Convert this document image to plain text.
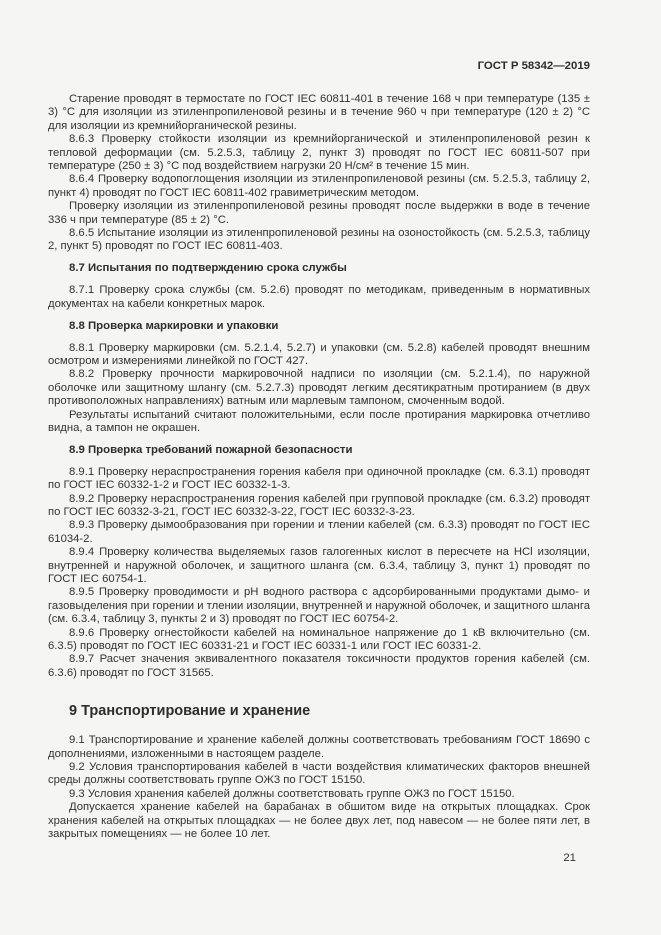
ГОСТ Р 58342—2019

Старение проводят в термостате по ГОСТ IEC 60811-401 в течение 168 ч при температуре (135 ± 3) °С для изоляции из этиленпропиленовой резины и в течение 960 ч при температуре (120 ± 2) °С для изоляции из кремнийорганической резины.

8.6.3 Проверку стойкости изоляции из кремнийорганической и этиленпропиленовой резин к тепловой деформации (см. 5.2.5.3, таблицу 2, пункт 3) проводят по ГОСТ IEC 60811-507 при температуре (250 ± 3) °С под воздействием нагрузки 20 Н/см² в течение 15 мин.

8.6.4 Проверку водопоглощения изоляции из этиленпропиленовой резины (см. 5.2.5.3, таблицу 2, пункт 4) проводят по ГОСТ IEC 60811-402 гравиметрическим методом.

Проверку изоляции из этиленпропиленовой резины проводят после выдержки в воде в течение 336 ч при температуре (85 ± 2) °С.

8.6.5 Испытание изоляции из этиленпропиленовой резины на озоностойкость (см. 5.2.5.3, таблицу 2, пункт 5) проводят по ГОСТ IEC 60811-403.

8.7 Испытания по подтверждению срока службы

8.7.1 Проверку срока службы (см. 5.2.6) проводят по методикам, приведенным в нормативных документах на кабели конкретных марок.

8.8 Проверка маркировки и упаковки

8.8.1 Проверку маркировки (см. 5.2.1.4, 5.2.7) и упаковки (см. 5.2.8) кабелей проводят внешним осмотром и измерениями линейкой по ГОСТ 427.

8.8.2 Проверку прочности маркировочной надписи по изоляции (см. 5.2.1.4), по наружной оболочке или защитному шлангу (см. 5.2.7.3) проводят легким десятикратным протиранием (в двух противоположных направлениях) ватным или марлевым тампоном, смоченным водой.

Результаты испытаний считают положительными, если после протирания маркировка отчетливо видна, а тампон не окрашен.

8.9 Проверка требований пожарной безопасности

8.9.1 Проверку нераспространения горения кабеля при одиночной прокладке (см. 6.3.1) проводят по ГОСТ IEC 60332-1-2 и ГОСТ IEC 60332-1-3.

8.9.2 Проверку нераспространения горения кабелей при групповой прокладке (см. 6.3.2) проводят по ГОСТ IEC 60332-3-21, ГОСТ IEC 60332-3-22, ГОСТ IEC 60332-3-23.

8.9.3 Проверку дымообразования при горении и тлении кабелей (см. 6.3.3) проводят по ГОСТ IEC 61034-2.

8.9.4 Проверку количества выделяемых газов галогенных кислот в пересчете на HCl изоляции, внутренней и наружной оболочек, и защитного шланга (см. 6.3.4, таблицу 3, пункт 1) проводят по ГОСТ IEC 60754-1.

8.9.5 Проверку проводимости и pH водного раствора с адсорбированными продуктами дымо- и газовыделения при горении и тлении изоляции, внутренней и наружной оболочек, и защитного шланга (см. 6.3.4, таблицу 3, пункты 2 и 3) проводят по ГОСТ IEC 60754-2.

8.9.6 Проверку огнестойкости кабелей на номинальное напряжение до 1 кВ включительно (см. 6.3.5) проводят по ГОСТ IEC 60331-21 и ГОСТ IEC 60331-1 или ГОСТ IEC 60331-2.

8.9.7 Расчет значения эквивалентного показателя токсичности продуктов горения кабелей (см. 6.3.6) проводят по ГОСТ 31565.

9 Транспортирование и хранение

9.1 Транспортирование и хранение кабелей должны соответствовать требованиям ГОСТ 18690 с дополнениями, изложенными в настоящем разделе.

9.2 Условия транспортирования кабелей в части воздействия климатических факторов внешней среды должны соответствовать группе ОЖ3 по ГОСТ 15150.

9.3 Условия хранения кабелей должны соответствовать группе ОЖ3 по ГОСТ 15150.

Допускается хранение кабелей на барабанах в обшитом виде на открытых площадках. Срок хранения кабелей на открытых площадках — не более двух лет, под навесом — не более пяти лет, в закрытых помещениях — не более 10 лет.

21
